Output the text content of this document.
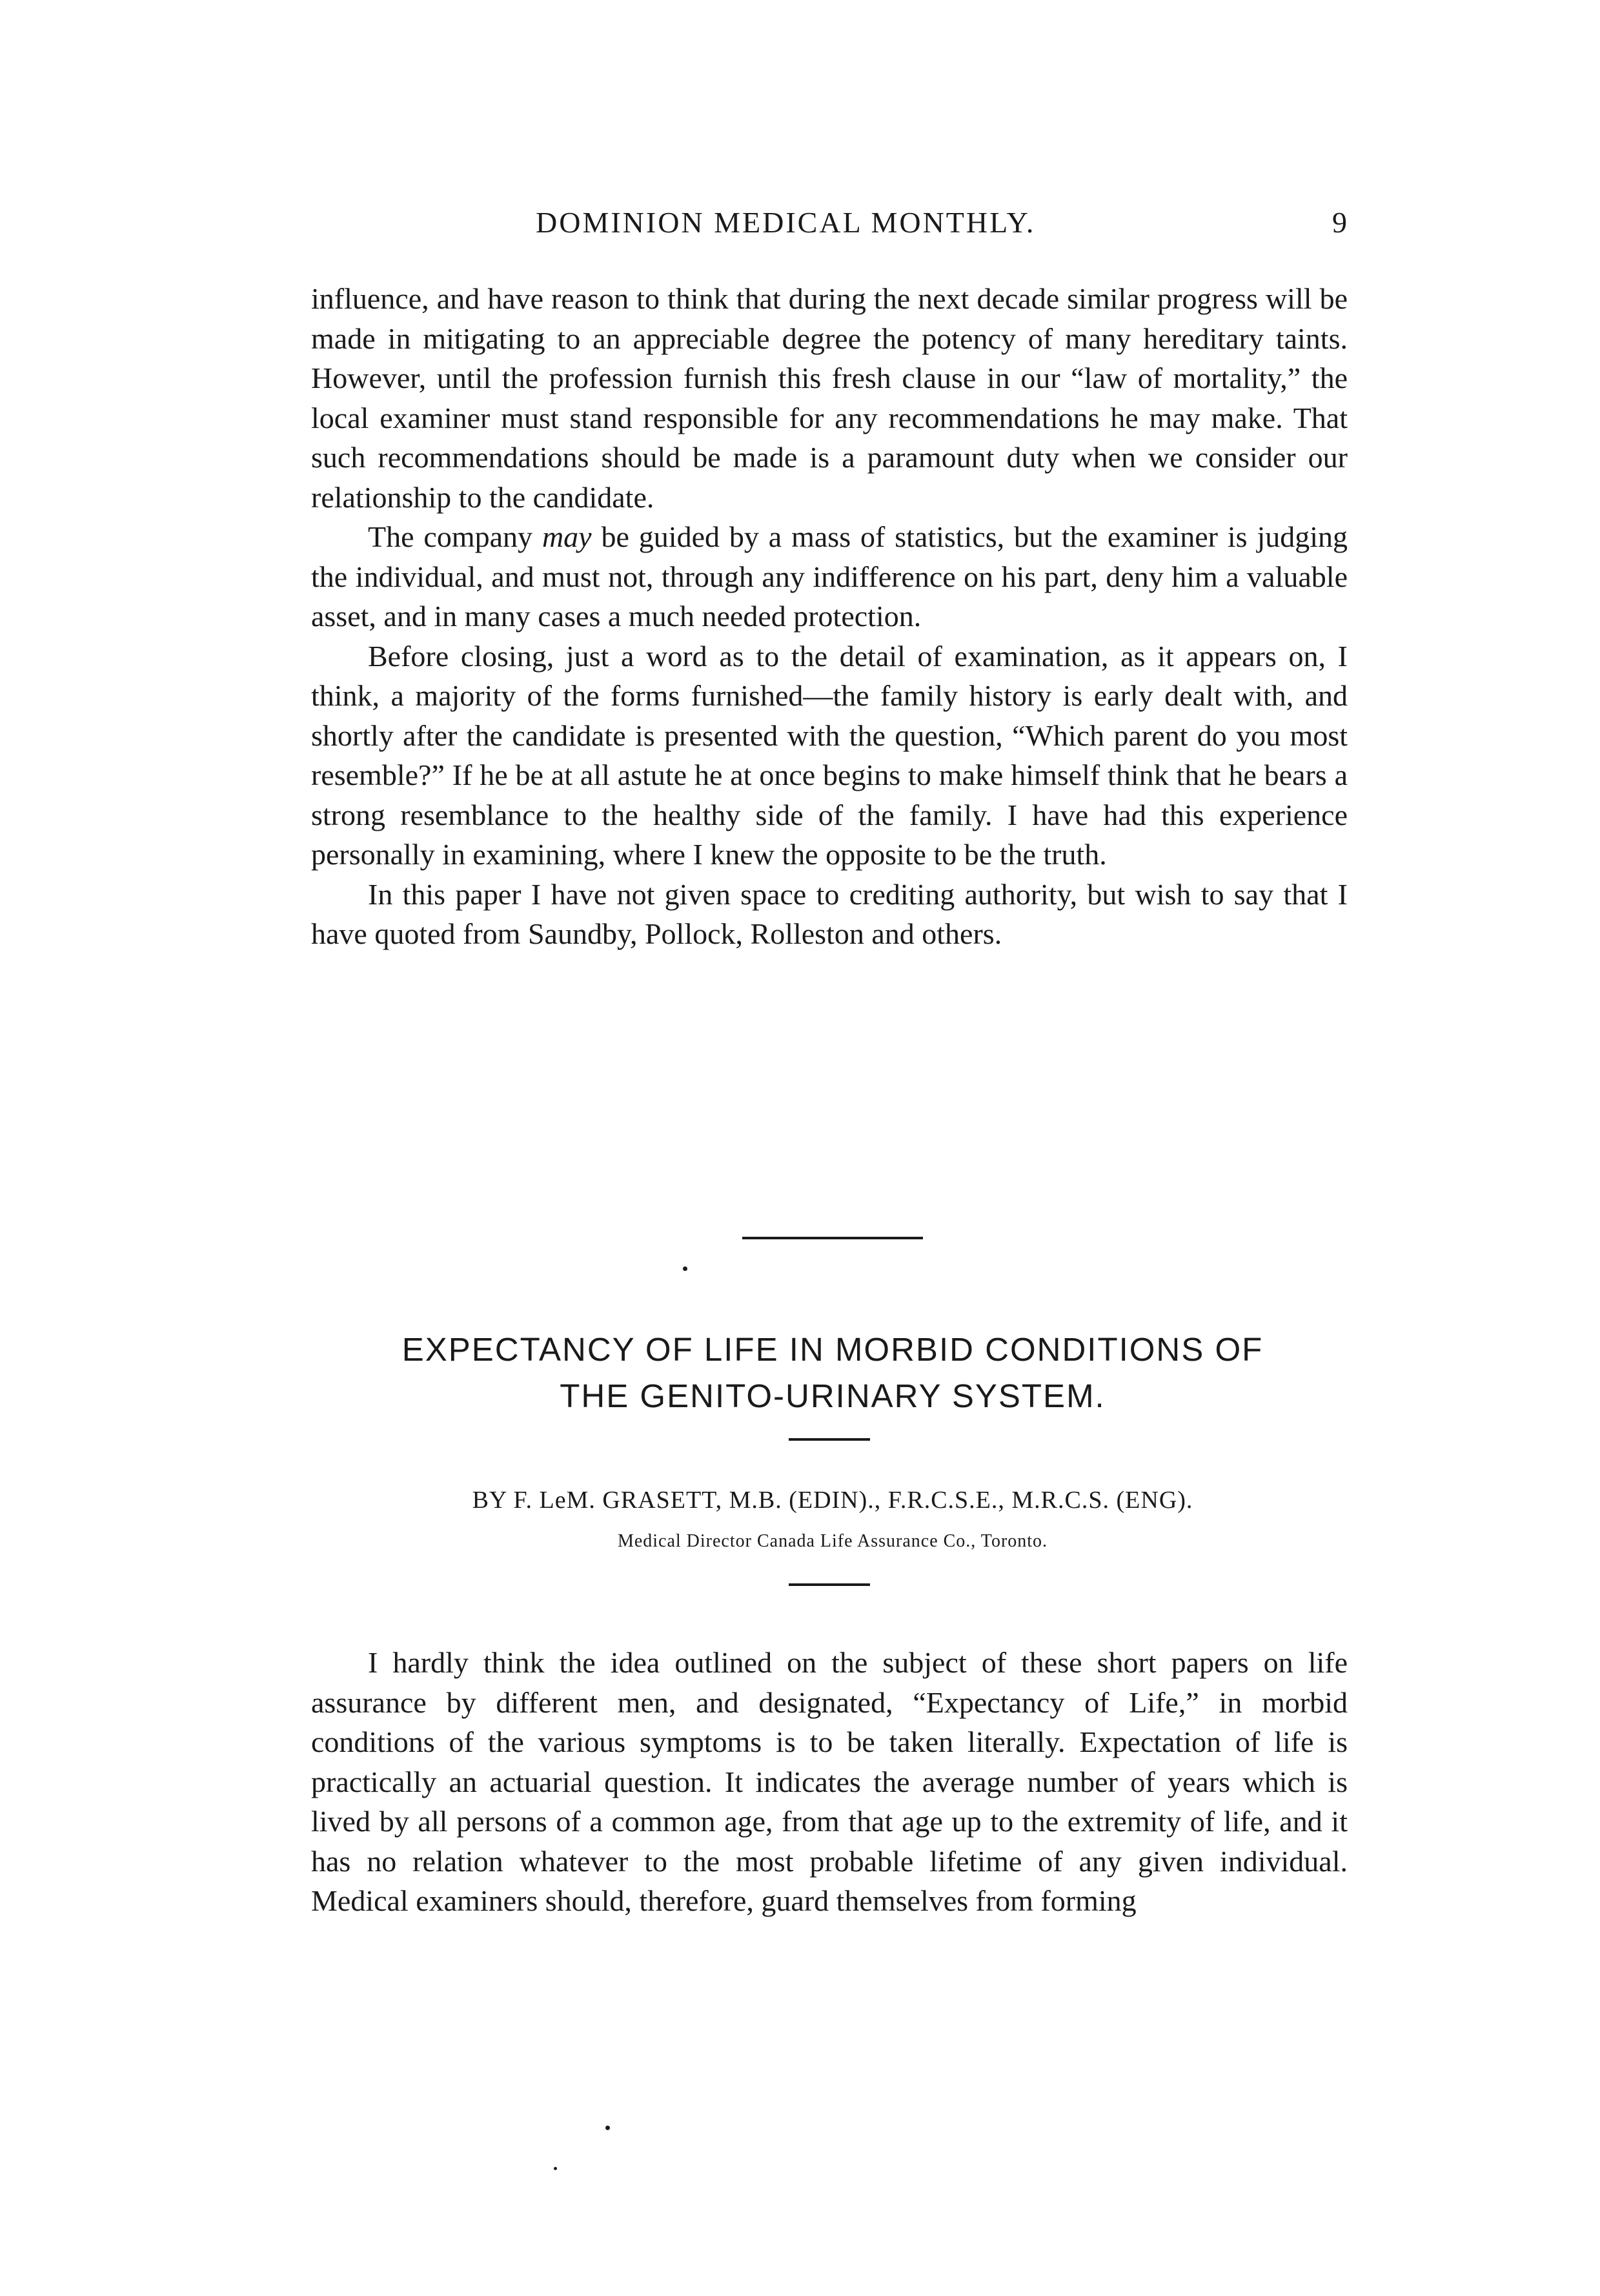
DOMINION MEDICAL MONTHLY.	9

influence, and have reason to think that during the next decade similar progress will be made in mitigating to an appreciable degree the potency of many hereditary taints. However, until the profession furnish this fresh clause in our “law of mortality,” the local examiner must stand responsible for any recommendations he may make. That such recommendations should be made is a paramount duty when we consider our relationship to the candidate.

The company may be guided by a mass of statistics, but the examiner is judging the individual, and must not, through any indifference on his part, deny him a valuable asset, and in many cases a much needed protection.

Before closing, just a word as to the detail of examination, as it appears on, I think, a majority of the forms furnished—the family history is early dealt with, and shortly after the candidate is presented with the question, “Which parent do you most resemble?” If he be at all astute he at once begins to make himself think that he bears a strong resemblance to the healthy side of the family. I have had this experience personally in examining, where I knew the opposite to be the truth.

In this paper I have not given space to crediting authority, but wish to say that I have quoted from Saundby, Pollock, Rolleston and others.

EXPECTANCY OF LIFE IN MORBID CONDITIONS OF
THE GENITO-URINARY SYSTEM.
BY F. LeM. GRASETT, M.B. (EDIN)., F.R.C.S.E., M.R.C.S. (ENG).
Medical Director Canada Life Assurance Co., Toronto.

I hardly think the idea outlined on the subject of these short papers on life assurance by different men, and designated, “Expectancy of Life,” in morbid conditions of the various symptoms is to be taken literally. Expectation of life is practically an actuarial question. It indicates the average number of years which is lived by all persons of a common age, from that age up to the extremity of life, and it has no relation whatever to the most probable lifetime of any given individual. Medical examiners should, therefore, guard themselves from forming
